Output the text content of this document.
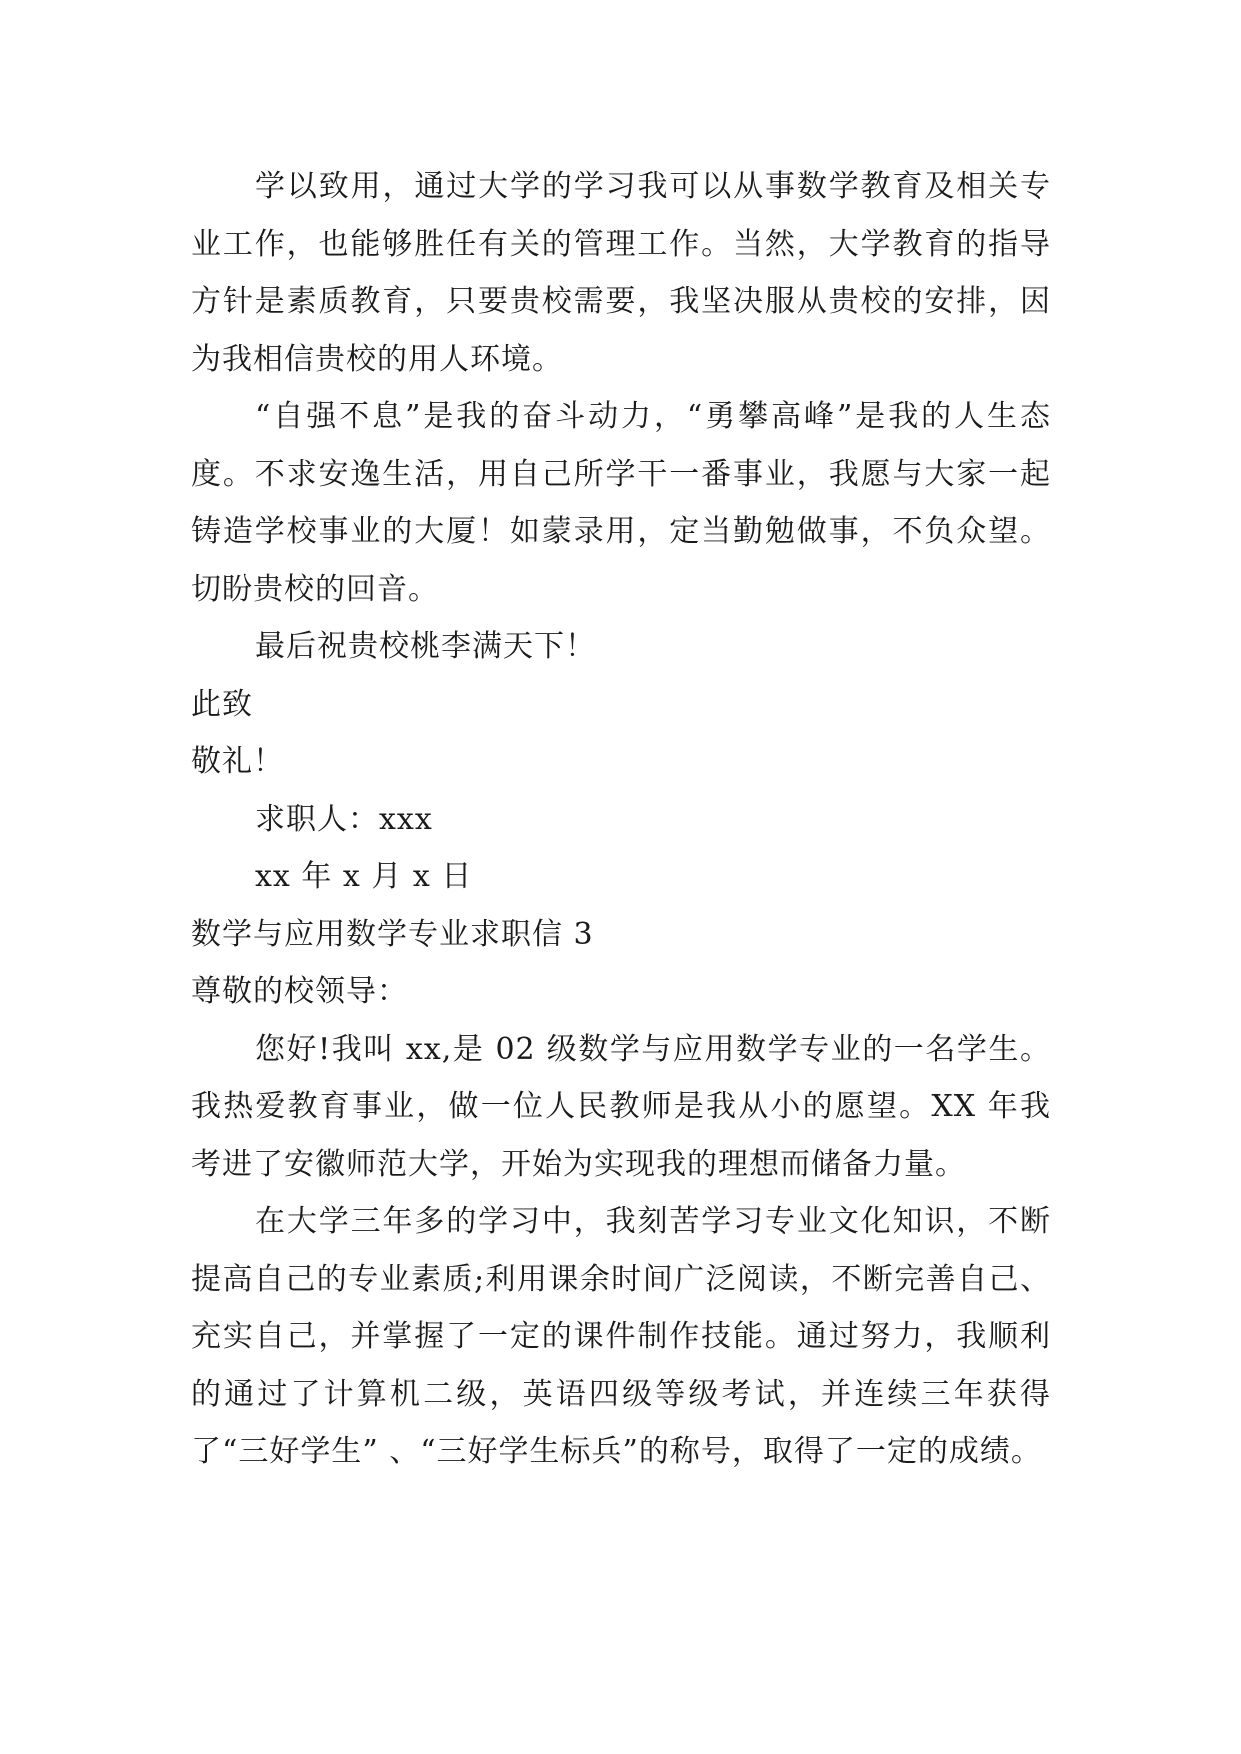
学以致用，通过大学的学习我可以从事数学教育及相关专业工作，也能够胜任有关的管理工作。当然，大学教育的指导方针是素质教育，只要贵校需要，我坚决服从贵校的安排，因为我相信贵校的用人环境。

“自强不息”是我的奋斗动力，“勇攀高峰”是我的人生态度。不求安逸生活，用自己所学干一番事业，我愿与大家一起铸造学校事业的大厦！如蒙录用，定当勤勉做事，不负众望。切盼贵校的回音。

最后祝贵校桃李满天下！

此致

敬礼！

求职人：xxx

xx 年 x 月 x 日

数学与应用数学专业求职信 3

尊敬的校领导：

您好!我叫 xx,是 02 级数学与应用数学专业的一名学生。我热爱教育事业，做一位人民教师是我从小的愿望。XX 年我考进了安徽师范大学，开始为实现我的理想而储备力量。

在大学三年多的学习中，我刻苦学习专业文化知识，不断提高自己的专业素质;利用课余时间广泛阅读，不断完善自己、充实自己，并掌握了一定的课件制作技能。通过努力，我顺利的通过了计算机二级，英语四级等级考试，并连续三年获得了“三好学生” 、“三好学生标兵”的称号，取得了一定的成绩。
